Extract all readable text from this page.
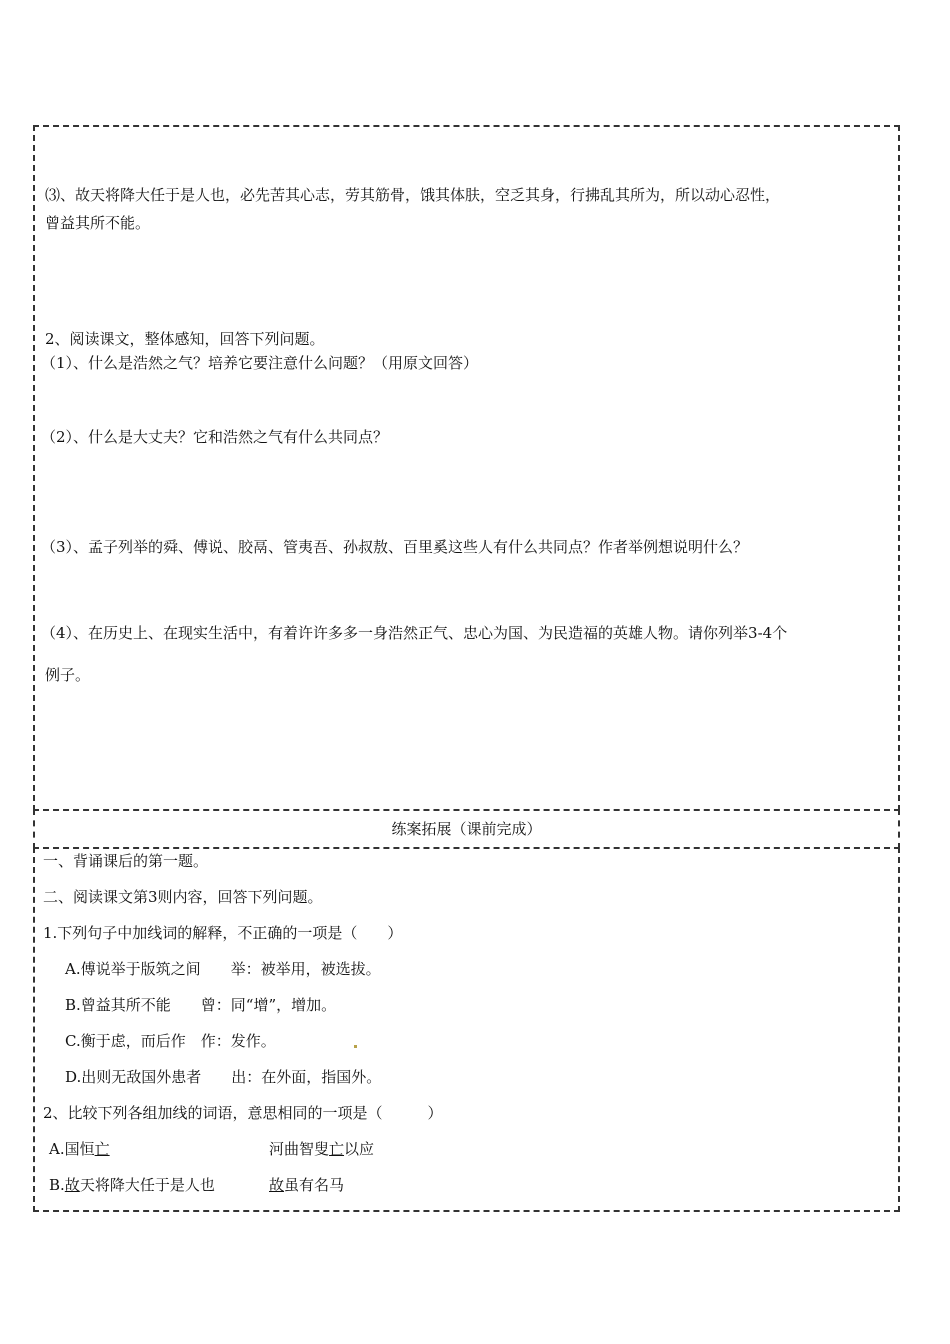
⑶、故天将降大任于是人也，必先苦其心志，劳其筋骨，饿其体肤，空乏其身，行拂乱其所为，所以动心忍性，
曾益其所不能。
2、阅读课文，整体感知，回答下列问题。
（1）、什么是浩然之气？培养它要注意什么问题？（用原文回答）
（2）、什么是大丈夫？它和浩然之气有什么共同点？
（3）、孟子列举的舜、傅说、胶鬲、管夷吾、孙叔敖、百里奚这些人有什么共同点？作者举例想说明什么？
（4）、在历史上、在现实生活中，有着许许多多一身浩然正气、忠心为国、为民造福的英雄人物。请你列举3-4个
例子。
练案拓展（课前完成）
一、背诵课后的第一题。
二、阅读课文第3则内容，回答下列问题。
1.下列句子中加线词的解释，不正确的一项是（　　）
A.傅说举于版筑之间　　举：被举用，被选拔。
B.曾益其所不能　　曾：同“增”，增加。
C.衡于虑，而后作　作：发作。
D.出则无敌国外患者　　出：在外面，指国外。
2、比较下列各组加线的词语，意思相同的一项是（　　　）
A.国恒亡	河曲智叟亡以应
B.故天将降大任于是人也	故虽有名马
